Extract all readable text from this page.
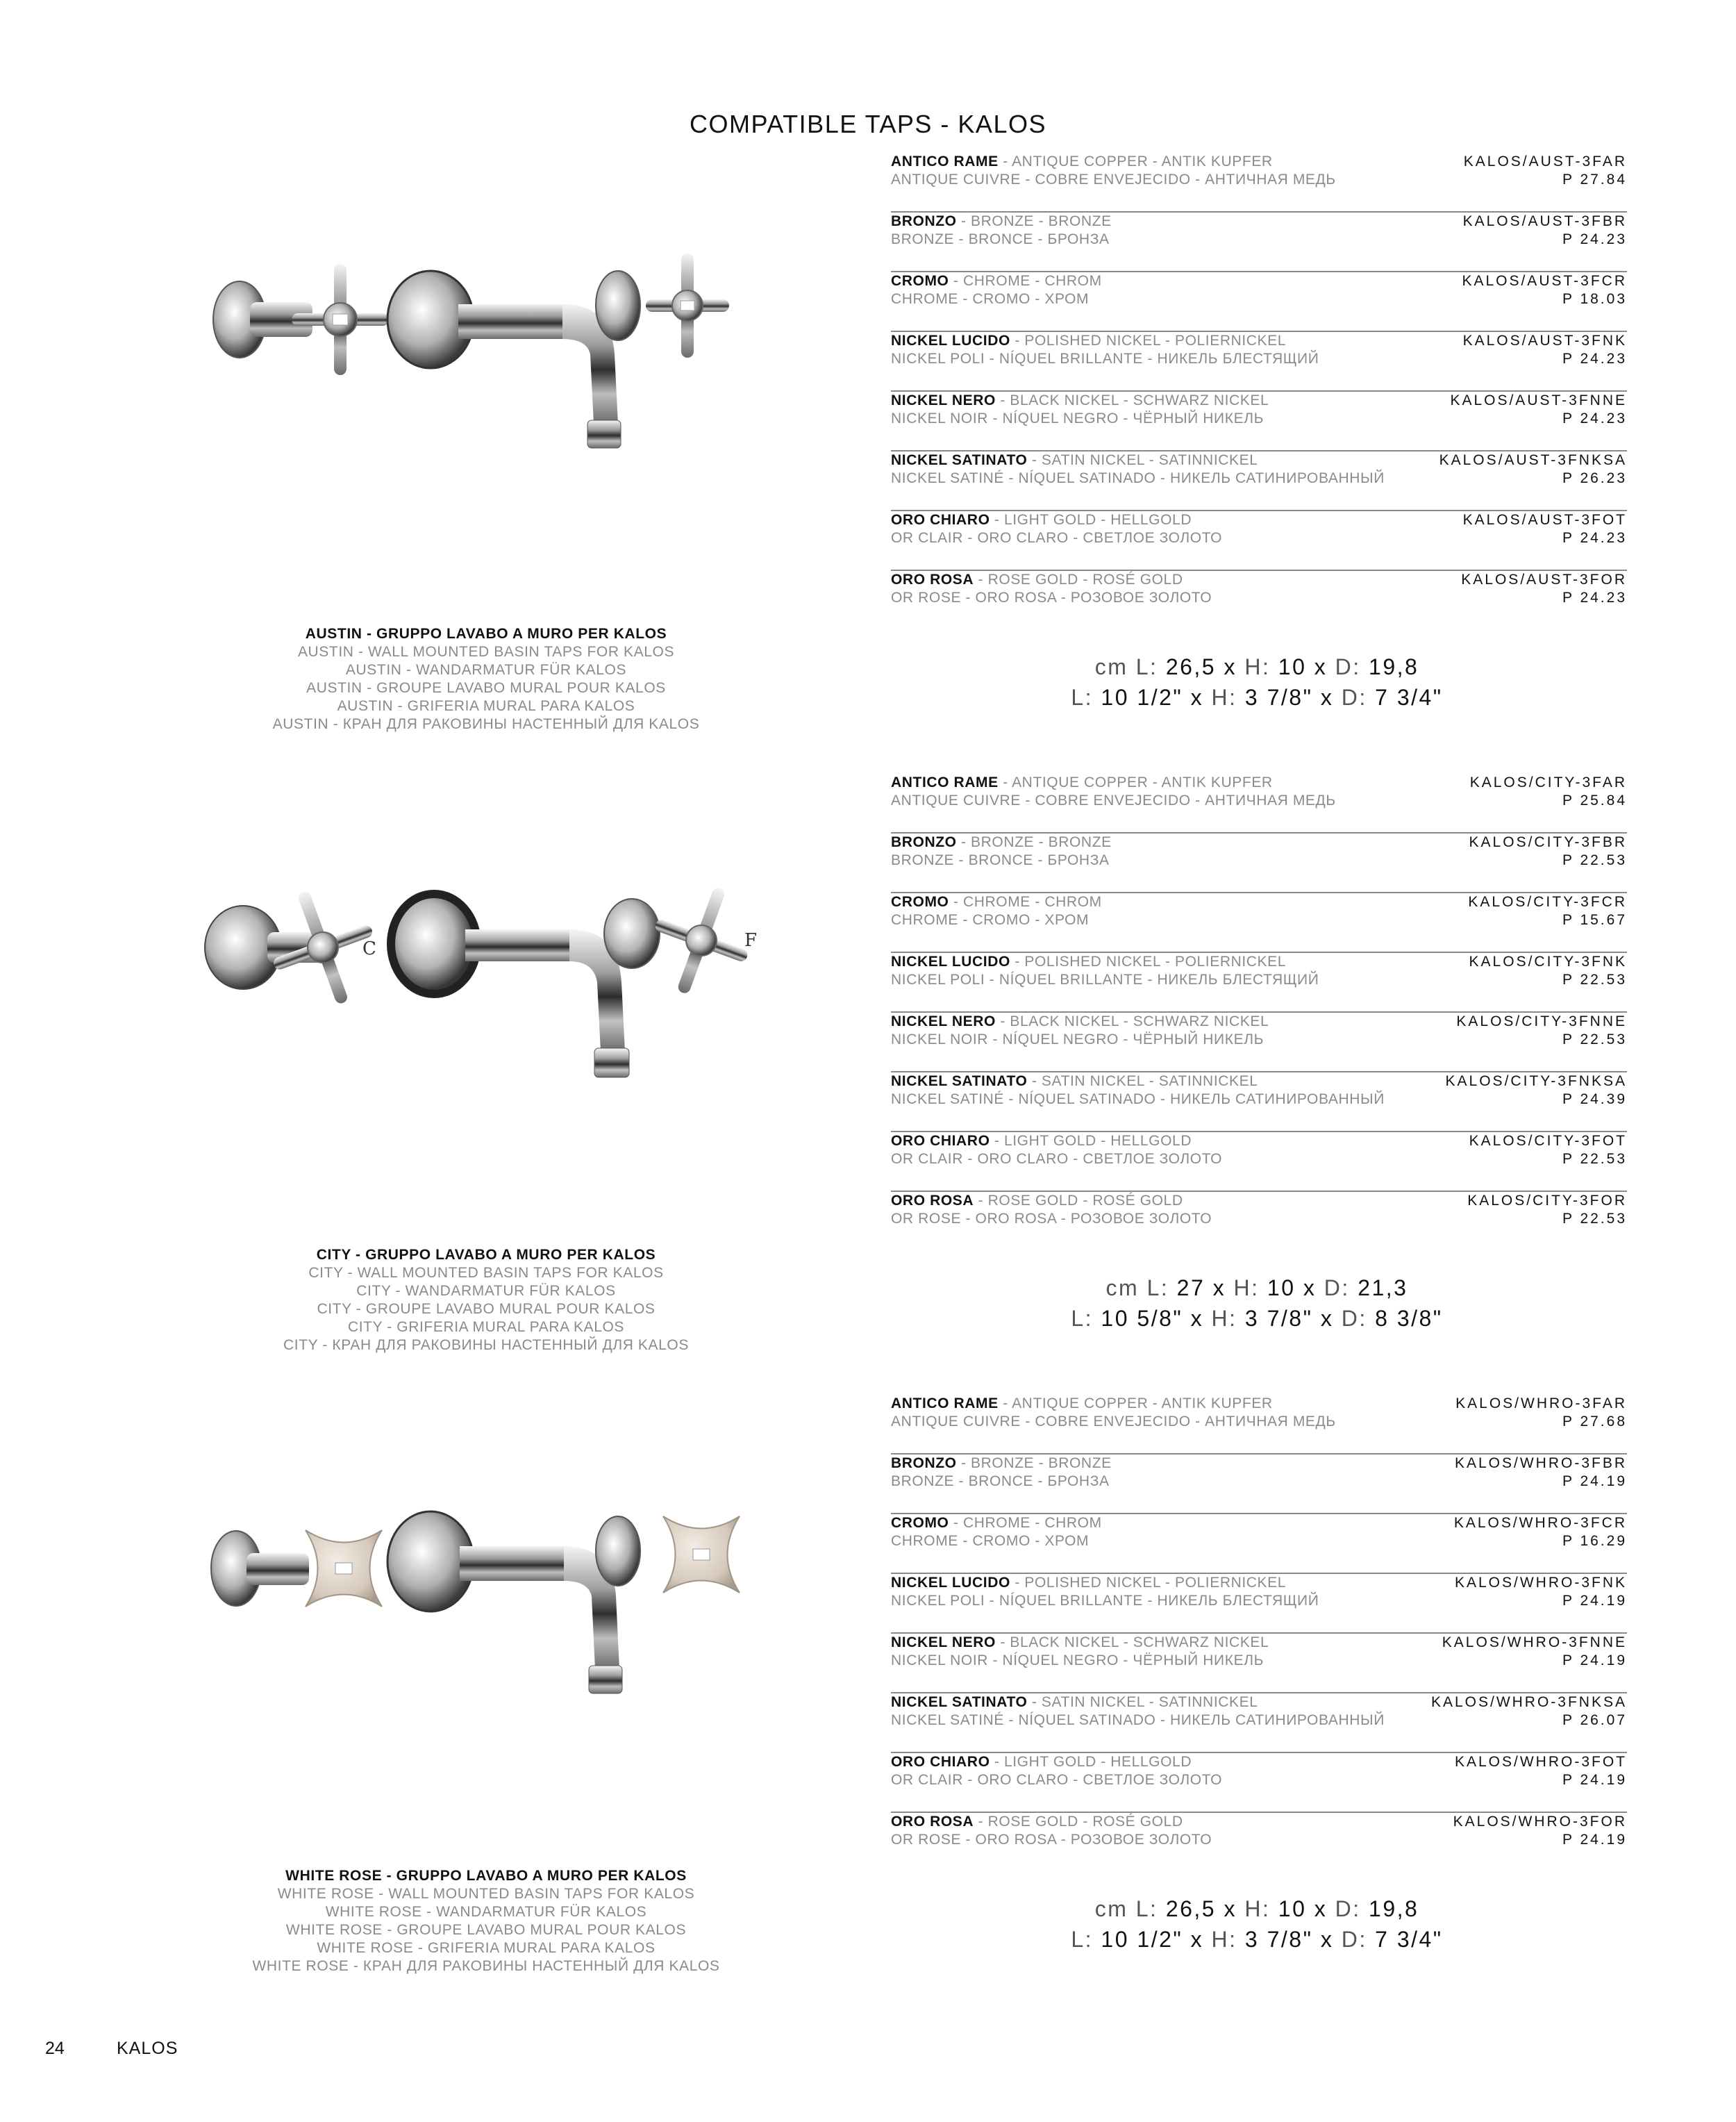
COMPATIBLE TAPS - KALOS
AUSTIN - GRUPPO LAVABO A MURO PER KALOS
AUSTIN - WALL MOUNTED BASIN TAPS FOR KALOS
AUSTIN - WANDARMATUR FÜR KALOS
AUSTIN - GROUPE LAVABO MURAL POUR KALOS
AUSTIN - GRIFERIA MURAL PARA KALOS
AUSTIN - КРАН ДЛЯ РАКОВИНЫ НАСТЕННЫЙ ДЛЯ KALOS
ANTICO RAME - ANTIQUE COPPER - ANTIK KUPFER
ANTIQUE CUIVRE - COBRE ENVEJECIDO - АНТИЧНАЯ МЕДЬ
KALOS/AUST-3FAR
P 27.84
BRONZO - BRONZE - BRONZE
BRONZE - BRONCE - БРОНЗА
KALOS/AUST-3FBR
P 24.23
CROMO - CHROME - CHROM
CHROME - CROMO - ХРОМ
KALOS/AUST-3FCR
P 18.03
NICKEL LUCIDO - POLISHED NICKEL - POLIERNICKEL
NICKEL POLI - NÍQUEL BRILLANTE - НИКЕЛЬ БЛЕСТЯЩИЙ
KALOS/AUST-3FNK
P 24.23
NICKEL NERO - BLACK NICKEL - SCHWARZ NICKEL
NICKEL NOIR - NÍQUEL NEGRO - ЧЁРНЫЙ НИКЕЛЬ
KALOS/AUST-3FNNE
P 24.23
NICKEL SATINATO - SATIN NICKEL - SATINNICKEL
NICKEL SATINÉ - NÍQUEL SATINADO - НИКЕЛЬ САТИНИРОВАННЫЙ
KALOS/AUST-3FNKSA
P 26.23
ORO CHIARO - LIGHT GOLD - HELLGOLD
OR CLAIR - ORO CLARO - СВЕТЛОЕ ЗОЛОТО
KALOS/AUST-3FOT
P 24.23
ORO ROSA - ROSE GOLD - ROSÉ GOLD
OR ROSE - ORO ROSA - РОЗОВОЕ ЗОЛОТО
KALOS/AUST-3FOR
P 24.23
cm L: 26,5 x H: 10 x D: 19,8
L: 10 1/2" x H: 3 7/8" x D: 7 3/4"
C	F
CITY - GRUPPO LAVABO A MURO PER KALOS
CITY - WALL MOUNTED BASIN TAPS FOR KALOS
CITY - WANDARMATUR FÜR KALOS
CITY - GROUPE LAVABO MURAL POUR KALOS
CITY - GRIFERIA MURAL PARA KALOS
CITY - КРАН ДЛЯ РАКОВИНЫ НАСТЕННЫЙ ДЛЯ KALOS
ANTICO RAME - ANTIQUE COPPER - ANTIK KUPFER
ANTIQUE CUIVRE - COBRE ENVEJECIDO - АНТИЧНАЯ МЕДЬ
KALOS/CITY-3FAR
P 25.84
BRONZO - BRONZE - BRONZE
BRONZE - BRONCE - БРОНЗА
KALOS/CITY-3FBR
P 22.53
CROMO - CHROME - CHROM
CHROME - CROMO - ХРОМ
KALOS/CITY-3FCR
P 15.67
NICKEL LUCIDO - POLISHED NICKEL - POLIERNICKEL
NICKEL POLI - NÍQUEL BRILLANTE - НИКЕЛЬ БЛЕСТЯЩИЙ
KALOS/CITY-3FNK
P 22.53
NICKEL NERO - BLACK NICKEL - SCHWARZ NICKEL
NICKEL NOIR - NÍQUEL NEGRO - ЧЁРНЫЙ НИКЕЛЬ
KALOS/CITY-3FNNE
P 22.53
NICKEL SATINATO - SATIN NICKEL - SATINNICKEL
NICKEL SATINÉ - NÍQUEL SATINADO - НИКЕЛЬ САТИНИРОВАННЫЙ
KALOS/CITY-3FNKSA
P 24.39
ORO CHIARO - LIGHT GOLD - HELLGOLD
OR CLAIR - ORO CLARO - СВЕТЛОЕ ЗОЛОТО
KALOS/CITY-3FOT
P 22.53
ORO ROSA - ROSE GOLD - ROSÉ GOLD
OR ROSE - ORO ROSA - РОЗОВОЕ ЗОЛОТО
KALOS/CITY-3FOR
P 22.53
cm L: 27 x H: 10 x D: 21,3
L: 10 5/8" x H: 3 7/8" x D: 8 3/8"
WHITE ROSE - GRUPPO LAVABO A MURO PER KALOS
WHITE ROSE - WALL MOUNTED BASIN TAPS FOR KALOS
WHITE ROSE - WANDARMATUR FÜR KALOS
WHITE ROSE - GROUPE LAVABO MURAL POUR KALOS
WHITE ROSE - GRIFERIA MURAL PARA KALOS
WHITE ROSE - КРАН ДЛЯ РАКОВИНЫ НАСТЕННЫЙ ДЛЯ KALOS
ANTICO RAME - ANTIQUE COPPER - ANTIK KUPFER
ANTIQUE CUIVRE - COBRE ENVEJECIDO - АНТИЧНАЯ МЕДЬ
KALOS/WHRO-3FAR
P 27.68
BRONZO - BRONZE - BRONZE
BRONZE - BRONCE - БРОНЗА
KALOS/WHRO-3FBR
P 24.19
CROMO - CHROME - CHROM
CHROME - CROMO - ХРОМ
KALOS/WHRO-3FCR
P 16.29
NICKEL LUCIDO - POLISHED NICKEL - POLIERNICKEL
NICKEL POLI - NÍQUEL BRILLANTE - НИКЕЛЬ БЛЕСТЯЩИЙ
KALOS/WHRO-3FNK
P 24.19
NICKEL NERO - BLACK NICKEL - SCHWARZ NICKEL
NICKEL NOIR - NÍQUEL NEGRO - ЧЁРНЫЙ НИКЕЛЬ
KALOS/WHRO-3FNNE
P 24.19
NICKEL SATINATO - SATIN NICKEL - SATINNICKEL
NICKEL SATINÉ - NÍQUEL SATINADO - НИКЕЛЬ САТИНИРОВАННЫЙ
KALOS/WHRO-3FNKSA
P 26.07
ORO CHIARO - LIGHT GOLD - HELLGOLD
OR CLAIR - ORO CLARO - СВЕТЛОЕ ЗОЛОТО
KALOS/WHRO-3FOT
P 24.19
ORO ROSA - ROSE GOLD - ROSÉ GOLD
OR ROSE - ORO ROSA - РОЗОВОЕ ЗОЛОТО
KALOS/WHRO-3FOR
P 24.19
cm L: 26,5 x H: 10 x D: 19,8
L: 10 1/2" x H: 3 7/8" x D: 7 3/4"
24	KALOS
